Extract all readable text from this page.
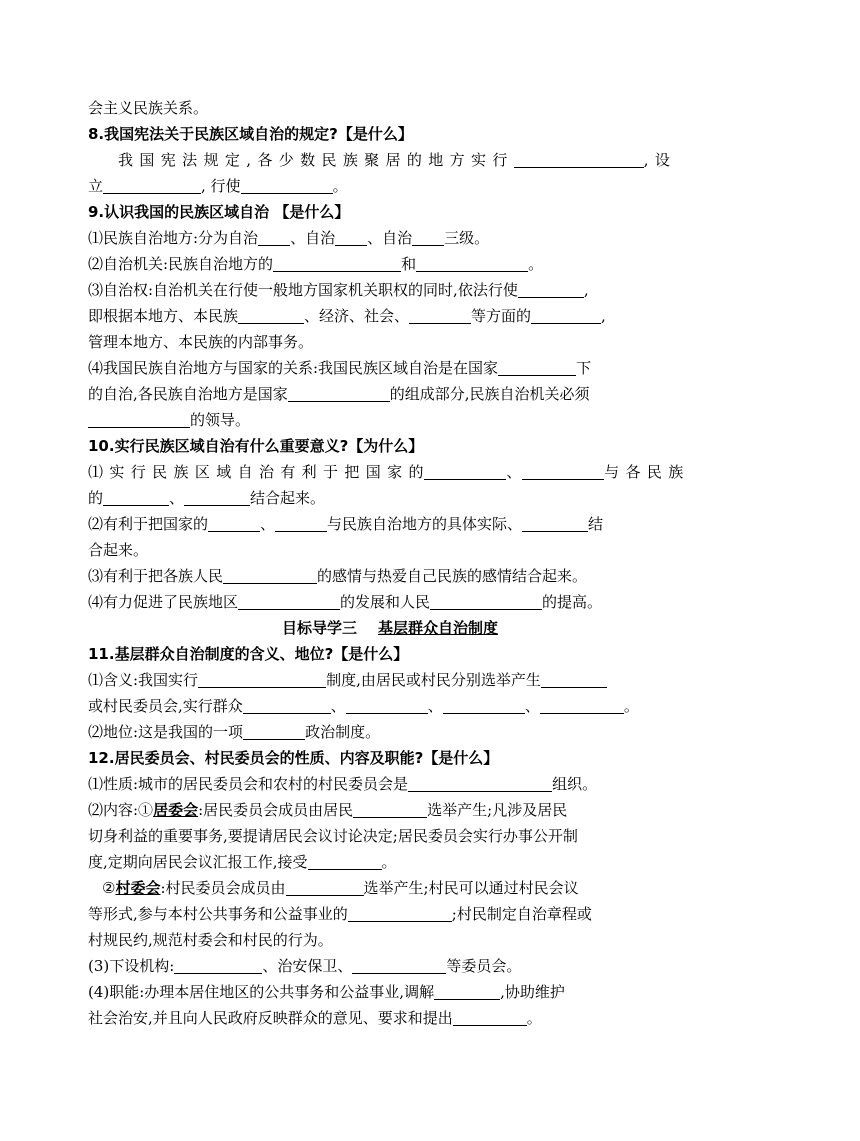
会主义民族关系。
8.我国宪法关于民族区域自治的规定?【是什么】
我 国 宪 法 规 定 , 各 少 数 民 族 聚 居 的 地 方 实 行	, 设
立	, 行使	。
9.认识我国的民族区域自治 【是什么】
⑴民族自治地方:分为自治 、自治 、自治 三级。
⑵自治机关:民族自治地方的	和	。
⑶自治权:自治机关在行使一般地方国家机关职权的同时,依法行使	,
即根据本地方、本民族	、经济、社会、	等方面的	,
管理本地方、本民族的内部事务。
⑷我国民族自治地方与国家的关系:我国民族区域自治是在国家	下
的自治,各民族自治地方是国家	的组成部分,民族自治机关必须
的领导。
10.实行民族区域自治有什么重要意义?【为什么】
⑴ 实 行 民 族 区 域 自 治 有 利 于 把 国 家 的	、	与 各 民 族
的	、	结合起来。
⑵有利于把国家的	、	与民族自治地方的具体实际、	结
合起来。
⑶有利于把各族人民	的感情与热爱自己民族的感情结合起来。
⑷有力促进了民族地区	的发展和人民	的提高。
目标导学三 基层群众自治制度
11.基层群众自治制度的含义、地位?【是什么】
⑴含义:我国实行	制度,由居民或村民分别选举产生
或村民委员会,实行群众	、	、	、	。
⑵地位:这是我国的一项	政治制度。
12.居民委员会、村民委员会的性质、内容及职能?【是什么】
⑴性质:城市的居民委员会和农村的村民委员会是	组织。
⑵内容:①居委会:居民委员会成员由居民	选举产生;凡涉及居民
切身利益的重要事务,要提请居民会议讨论决定;居民委员会实行办事公开制
度,定期向居民会议汇报工作,接受	。
②村委会:村民委员会成员由	选举产生;村民可以通过村民会议
等形式,参与本村公共事务和公益事业的	;村民制定自治章程或
村规民约,规范村委会和村民的行为。
(3)下设机构:	、治安保卫、	等委员会。
(4)职能:办理本居住地区的公共事务和公益事业,调解	,协助维护
社会治安,并且向人民政府反映群众的意见、要求和提出	。
